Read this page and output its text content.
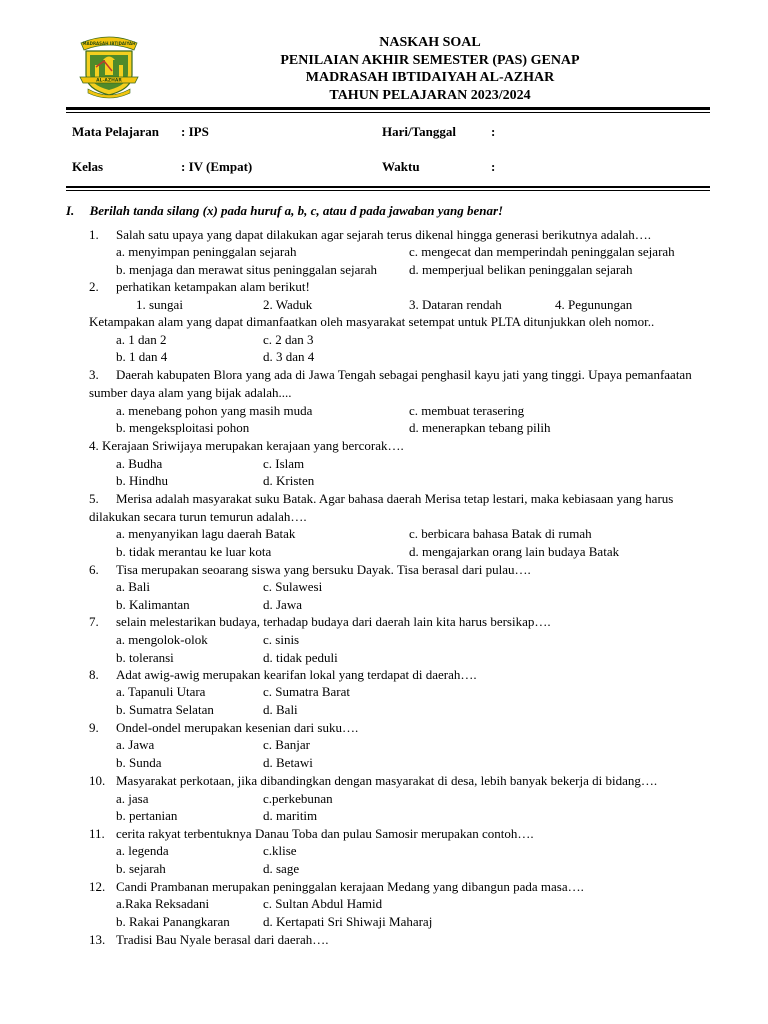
MADRASAH IBTIDAIYAH
AL-AZHAR
NASKAH SOAL
PENILAIAN AKHIR SEMESTER (PAS) GENAP
MADRASAH IBTIDAIYAH AL-AZHAR
TAHUN PELAJARAN 2023/2024
Mata Pelajaran : IPS	Hari/Tanggal	:
Kelas	: IV (Empat)	Waktu	:
I. Berilah tanda silang (x) pada huruf a, b, c, atau d pada jawaban yang benar!
1. Salah satu upaya yang dapat dilakukan agar sejarah terus dikenal hingga generasi berikutnya adalah….
a. menyimpan peninggalan sejarah	c. mengecat dan memperindah peninggalan sejarah
b. menjaga dan merawat situs peninggalan sejarah d. memperjual belikan peninggalan sejarah
2. perhatikan ketampakan alam berikut!
1. sungai	2. Waduk	3. Dataran rendah	4. Pegunungan
Ketampakan alam yang dapat dimanfaatkan oleh masyarakat setempat untuk PLTA ditunjukkan oleh nomor..
a. 1 dan 2	c. 2 dan 3
b. 1 dan 4	d. 3 dan 4
3. Daerah kabupaten Blora yang ada di Jawa Tengah sebagai penghasil kayu jati yang tinggi. Upaya pemanfaatan
sumber daya alam yang bijak adalah....
a. menebang pohon yang masih muda	c. membuat terasering
b. mengeksploitasi pohon	d. menerapkan tebang pilih
4. Kerajaan Sriwijaya merupakan kerajaan yang bercorak….
a. Budha	c. Islam
b. Hindhu	d. Kristen
5. Merisa adalah masyarakat suku Batak. Agar bahasa daerah Merisa tetap lestari, maka kebiasaan yang harus
dilakukan secara turun temurun adalah….
a. menyanyikan lagu daerah Batak	c. berbicara bahasa Batak di rumah
b. tidak merantau ke luar kota	d. mengajarkan orang lain budaya Batak
6. Tisa merupakan seoarang siswa yang bersuku Dayak. Tisa berasal dari pulau….
a. Bali	c. Sulawesi
b. Kalimantan	d. Jawa
7. selain melestarikan budaya, terhadap budaya dari daerah lain kita harus bersikap….
a. mengolok-olok	c. sinis
b. toleransi	d. tidak peduli
8. Adat awig-awig merupakan kearifan lokal yang terdapat di daerah….
a. Tapanuli Utara	c. Sumatra Barat
b. Sumatra Selatan	d. Bali
9. Ondel-ondel merupakan kesenian dari suku….
a. Jawa	c. Banjar
b. Sunda	d. Betawi
10. Masyarakat perkotaan, jika dibandingkan dengan masyarakat di desa, lebih banyak bekerja di bidang….
a. jasa	c.perkebunan
b. pertanian	d. maritim
11. cerita rakyat terbentuknya Danau Toba dan pulau Samosir merupakan contoh….
a. legenda	c.klise
b. sejarah	d. sage
12. Candi Prambanan merupakan peninggalan kerajaan Medang yang dibangun pada masa….
a.Raka Reksadani	c. Sultan Abdul Hamid
b. Rakai Panangkaran	d. Kertapati Sri Shiwaji Maharaj
13. Tradisi Bau Nyale berasal dari daerah….
